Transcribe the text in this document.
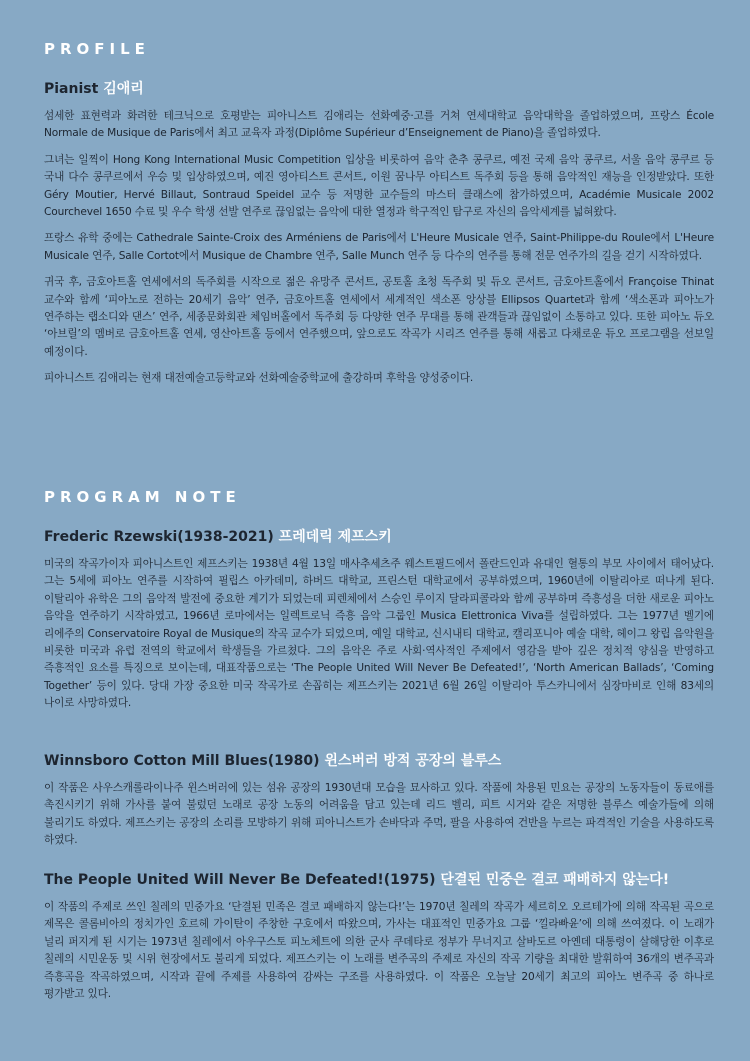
PROFILE
Pianist 김애리

섬세한 표현력과 화려한 테크닉으로 호평받는 피아니스트 김애리는 선화예중·고를 거쳐 연세대학교 음악대학을 졸업하였으며, 프랑스 École Normale de Musique de Paris에서 최고 교육자 과정(Diplôme Supérieur d’Enseignement de Piano)을 졸업하였다.

그녀는 일찍이 Hong Kong International Music Competition 입상을 비롯하여 음악 춘추 콩쿠르, 예전 국제 음악 콩쿠르, 서울 음악 콩쿠르 등 국내 다수 콩쿠르에서 우승 및 입상하였으며, 예진 영아티스트 콘서트, 이원 꿈나무 아티스트 독주회 등을 통해 음악적인 재능을 인정받았다. 또한 Géry Moutier, Hervé Billaut, Sontraud Speidel 교수 등 저명한 교수들의 마스터 클래스에 참가하였으며, Académie Musicale 2002 Courchevel 1650 수료 및 우수 학생 선발 연주로 끊임없는 음악에 대한 열정과 학구적인 탐구로 자신의 음악세계를 넓혀왔다.

프랑스 유학 중에는 Cathedrale Sainte-Croix des Arméniens de Paris에서 L'Heure Musicale 연주, Saint-Philippe-du Roule에서 L'Heure Musicale 연주, Salle Cortot에서 Musique de Chambre 연주, Salle Munch 연주 등 다수의 연주를 통해 전문 연주가의 길을 걷기 시작하였다.

귀국 후, 금호아트홀 연세에서의 독주회를 시작으로 젊은 유망주 콘서트, 공토홀 초청 독주회 및 듀오 콘서트, 금호아트홀에서 Françoise Thinat 교수와 함께 ‘피아노로 전하는 20세기 음악’ 연주, 금호아트홀 연세에서 세계적인 색소폰 앙상블 Ellipsos Quartet과 함께 ‘색소폰과 피아노가 연주하는 랩소디와 댄스’ 연주, 세종문화회관 체임버홀에서 독주회 등 다양한 연주 무대를 통해 관객들과 끊임없이 소통하고 있다. 또한 피아노 듀오 ‘아브릴’의 멤버로 금호아트홀 연세, 영산아트홀 등에서 연주했으며, 앞으로도 작곡가 시리즈 연주를 통해 새롭고 다채로운 듀오 프로그램을 선보일 예정이다.

피아니스트 김애리는 현재 대전예술고등학교와 선화예술중학교에 출강하며 후학을 양성중이다.

PROGRAM NOTE
Frederic Rzewski(1938-2021) 프레데릭 제프스키

미국의 작곡가이자 피아니스트인 제프스키는 1938년 4월 13일 매사추세츠주 웨스트필드에서 폴란드인과 유대인 혈통의 부모 사이에서 태어났다. 그는 5세에 피아노 연주를 시작하여 필립스 아카데미, 하버드 대학교, 프린스턴 대학교에서 공부하였으며, 1960년에 이탈리아로 떠나게 된다. 이탈리아 유학은 그의 음악적 발전에 중요한 계기가 되었는데 피렌체에서 스승인 루이지 달라피콜라와 함께 공부하며 즉흥성을 더한 새로운 피아노 음악을 연주하기 시작하였고, 1966년 로마에서는 일렉트로닉 즉흥 음악 그룹인 Musica Elettronica Viva를 설립하였다. 그는 1977년 벨기에 리에주의 Conservatoire Royal de Musique의 작곡 교수가 되었으며, 예일 대학교, 신시내티 대학교, 캘리포니아 예술 대학, 헤이그 왕립 음악원을 비롯한 미국과 유럽 전역의 학교에서 학생들을 가르쳤다. 그의 음악은 주로 사회·역사적인 주제에서 영감을 받아 깊은 정치적 양심을 반영하고 즉흥적인 요소를 특징으로 보이는데, 대표작품으로는 ‘The People United Will Never Be Defeated!’, ‘North American Ballads’, ‘Coming Together’ 등이 있다. 당대 가장 중요한 미국 작곡가로 손꼽히는 제프스키는 2021년 6월 26일 이탈리아 투스카니에서 심장마비로 인해 83세의 나이로 사망하였다.

Winnsboro Cotton Mill Blues(1980) 윈스버러 방적 공장의 블루스

이 작품은 사우스캐롤라이나주 윈스버러에 있는 섬유 공장의 1930년대 모습을 묘사하고 있다. 작품에 차용된 민요는 공장의 노동자들이 동료애를 촉진시키기 위해 가사를 붙여 불렀던 노래로 공장 노동의 어려움을 담고 있는데 리드 벨리, 피트 시거와 같은 저명한 블루스 예술가들에 의해 불리기도 하였다. 제프스키는 공장의 소리를 모방하기 위해 피아니스트가 손바닥과 주먹, 팔을 사용하여 건반을 누르는 파격적인 기술을 사용하도록 하였다.

The People United Will Never Be Defeated!(1975) 단결된 민중은 결코 패배하지 않는다!

이 작품의 주제로 쓰인 칠레의 민중가요 ‘단결된 민족은 결코 패배하지 않는다!’는 1970년 칠레의 작곡가 세르히오 오르테가에 의해 작곡된 곡으로 제목은 콜롬비아의 정치가인 호르헤 가이탄이 주창한 구호에서 따왔으며, 가사는 대표적인 민중가요 그룹 ‘낄라빠윤’에 의해 쓰여졌다. 이 노래가 널리 퍼지게 된 시기는 1973년 칠레에서 아우구스토 피노체트에 의한 군사 쿠데타로 정부가 무너지고 살바도르 아옌데 대통령이 살해당한 이후로 칠레의 시민운동 및 시위 현장에서도 불리게 되었다. 제프스키는 이 노래를 변주곡의 주제로 자신의 작곡 기량을 최대한 발휘하여 36개의 변주곡과 즉흥곡을 작곡하였으며, 시작과 끝에 주제를 사용하여 감싸는 구조를 사용하였다. 이 작품은 오늘날 20세기 최고의 피아노 변주곡 중 하나로 평가받고 있다.
